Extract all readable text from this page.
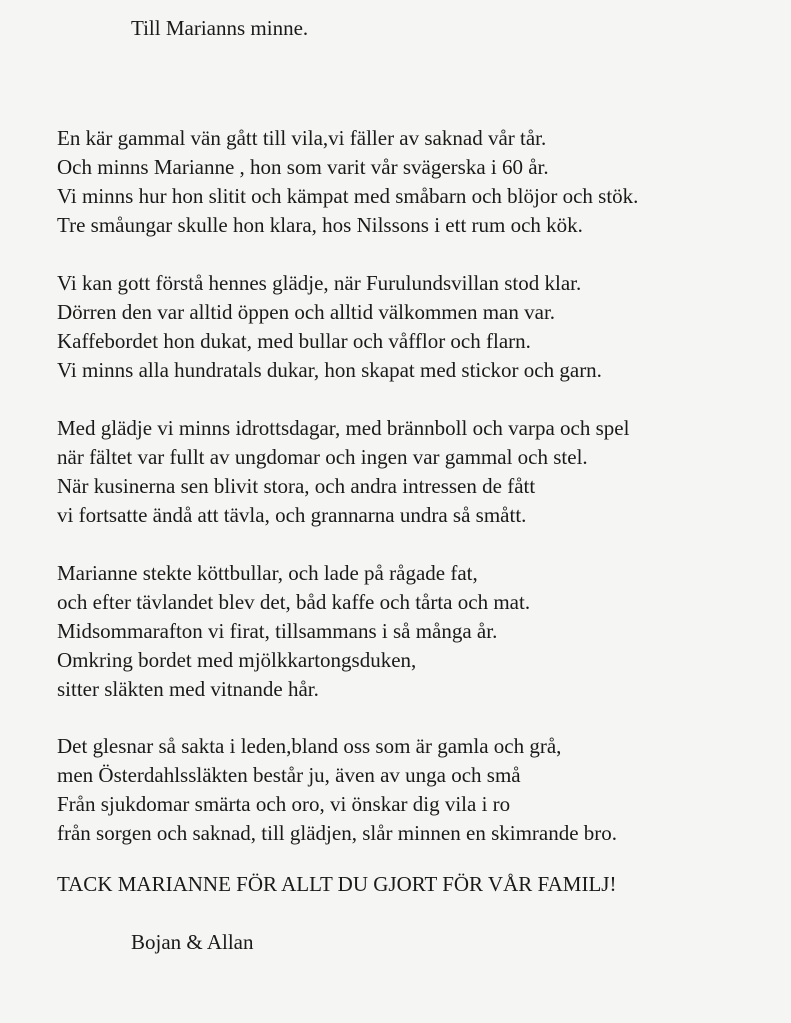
Till Marianns minne.
En kär gammal vän gått till vila,vi fäller av saknad vår tår.
Och minns Marianne , hon som varit vår svägerska i 60 år.
Vi minns hur hon slitit och kämpat med småbarn och blöjor och stök.
Tre småungar skulle hon klara, hos Nilssons i ett rum och kök.
Vi kan gott förstå hennes glädje, när Furulundsvillan stod klar.
Dörren den var alltid öppen och alltid välkommen man var.
Kaffebordet hon dukat, med bullar och våfflor och flarn.
Vi minns alla hundratals dukar, hon skapat med stickor och garn.
Med glädje vi minns idrottsdagar, med brännboll och varpa och spel
när fältet var fullt av ungdomar och ingen var gammal och stel.
När kusinerna sen blivit stora, och andra intressen de fått
vi fortsatte ändå att tävla, och grannarna undra så smått.
Marianne stekte köttbullar, och lade på rågade fat,
och efter tävlandet blev det, båd kaffe och tårta och mat.
Midsommarafton vi firat, tillsammans i så många år.
Omkring bordet med mjölkkartongsduken,
sitter släkten med vitnande hår.
Det glesnar så sakta i leden,bland oss som är gamla och grå,
men Österdahlssläkten består ju, även av unga och små
Från sjukdomar smärta och oro, vi önskar dig vila i ro
från sorgen och saknad, till glädjen, slår minnen en skimrande bro.
TACK MARIANNE FÖR ALLT DU GJORT FÖR VÅR FAMILJ!
Bojan & Allan
